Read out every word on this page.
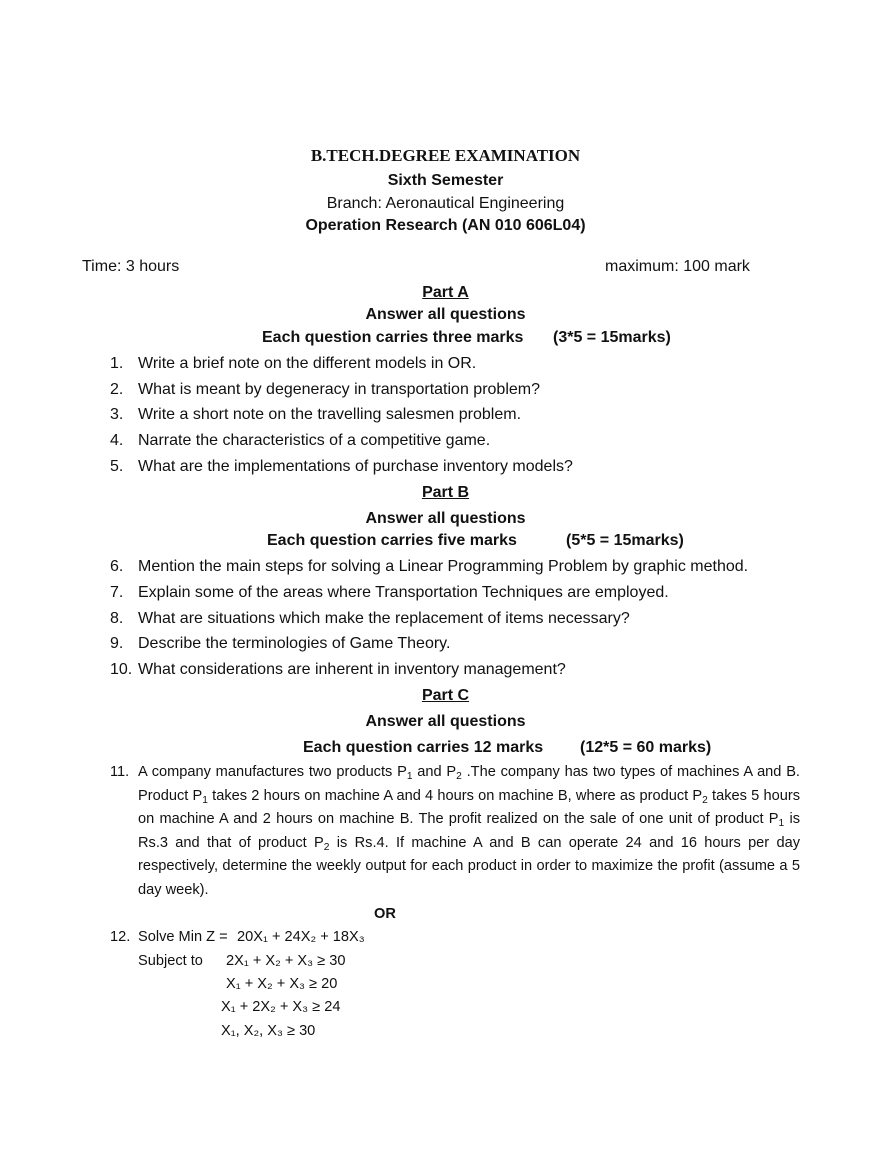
B.TECH.DEGREE EXAMINATION
Sixth Semester
Branch: Aeronautical Engineering
Operation Research (AN 010 606L04)
Time: 3 hours	maximum: 100 mark
Part A
Answer all questions
Each question carries three marks (3*5 = 15marks)
1. Write a brief note on the different models in OR.
2. What is meant by degeneracy in transportation problem?
3. Write a short note on the travelling salesmen problem.
4. Narrate the characteristics of a competitive game.
5. What are the implementations of purchase inventory models?
Part B
Answer all questions
Each question carries five marks	(5*5 = 15marks)
6. Mention the main steps for solving a Linear Programming Problem by graphic method.
7. Explain some of the areas where Transportation Techniques are employed.
8. What are situations which make the replacement of items necessary?
9. Describe the terminologies of Game Theory.
10. What considerations are inherent in inventory management?
Part C
Answer all questions
Each question carries 12 marks (12*5 = 60 marks)
11. A company manufactures two products $P_1$ and $P_2$ .The company has two types of machines A and B. Product $P_1$ takes 2 hours on machine A and 4 hours on machine B, where as product $P_2$ takes 5 hours on machine A and 2 hours on machine B. The profit realized on the sale of one unit of product $P_1$ is Rs.3 and that of product $P_2$ is Rs.4. If machine A and B can operate 24 and 16 hours per day respectively, determine the weekly output for each product in order to maximize the profit (assume a 5 day week).
OR
12. Solve Min Z = 20X₁ + 24X₂ + 18X₃
Subject to 2X₁ + X₂ + X₃ ≥ 30
X₁ + X₂ + X₃ ≥ 20
X₁ + 2X₂ + X₃ ≥ 24
X₁, X₂, X₃ ≥ 30
